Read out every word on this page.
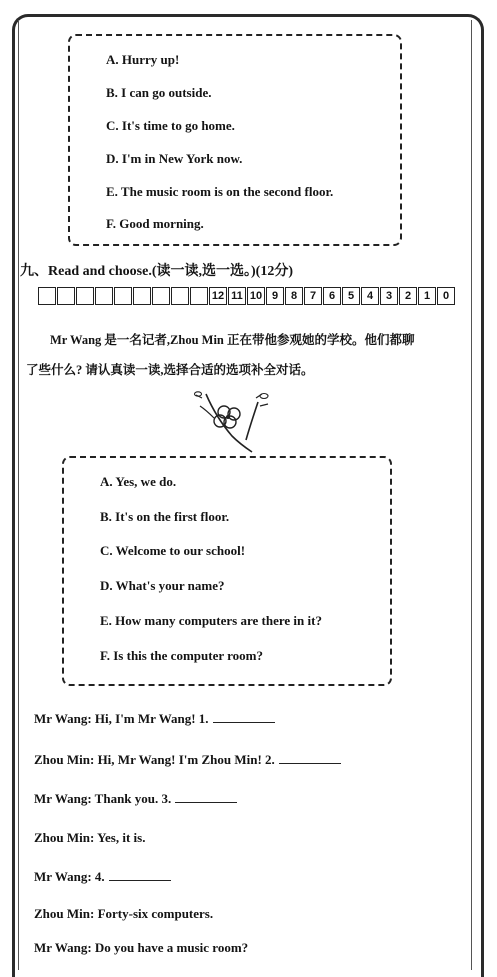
A. Hurry up!
B. I can go outside.
C. It's time to go home.
D. I'm in New York now.
E. The music room is on the second floor.
F. Good morning.
九、Read and choose.(读一读,选一选。)(12分)
12 11 10 9	8	7	6	5	4	3	2	1	0
Mr Wang 是一名记者,Zhou Min 正在带他参观她的学校。他们都聊
了些什么? 请认真读一读,选择合适的选项补全对话。
A. Yes, we do.
B. It's on the first floor.
C. Welcome to our school!
D. What's your name?
E. How many computers are there in it?
F. Is this the computer room?
Mr Wang: Hi, I'm Mr Wang! 1.
Zhou Min: Hi, Mr Wang! I'm Zhou Min! 2.
Mr Wang: Thank you. 3.
Zhou Min: Yes, it is.
Mr Wang: 4.
Zhou Min: Forty-six computers.
Mr Wang: Do you have a music room?
